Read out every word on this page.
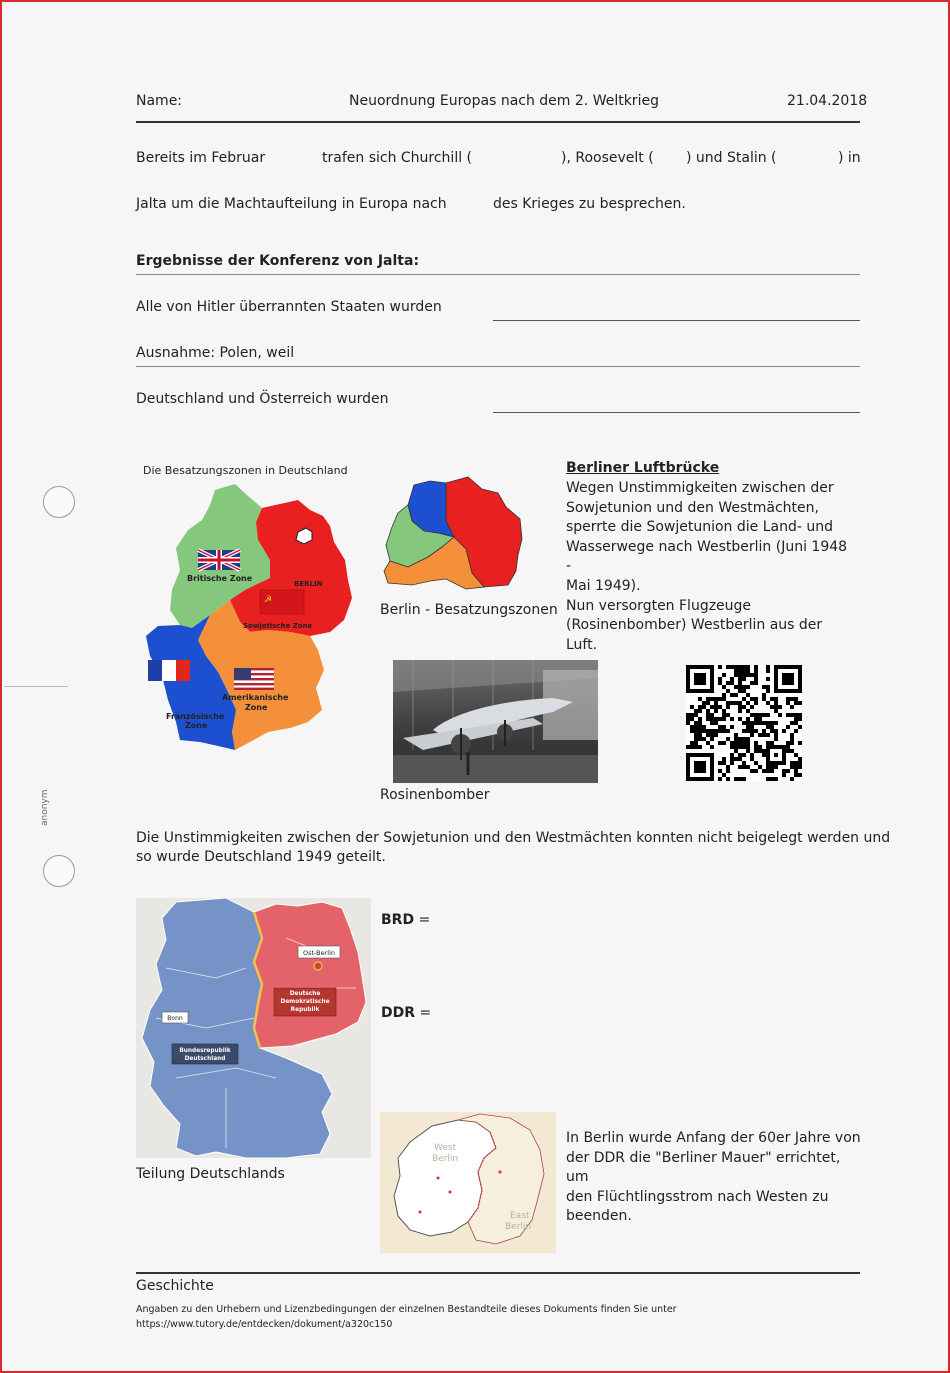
anonym
Name:	Neuordnung Europas nach dem 2. Weltkrieg	21.04.2018
Bereits im Februar	trafen sich Churchill (	), Roosevelt ( ) und Stalin (	) in
Jalta um die Machtaufteilung in Europa nach	des Krieges zu besprechen.
Ergebnisse der Konferenz von Jalta:
Alle von Hitler überrannten Staaten wurden
Ausnahme: Polen, weil
Deutschland und Österreich wurden
Die Besatzungszonen in Deutschland
☭
Britische Zone
BERLIN
Sowjetische Zone
Amerikanische
Zone
Französische
Zone
Berlin - Besatzungszonen
Berliner Luftbrücke
Wegen Unstimmigkeiten zwischen der
Sowjetunion und den Westmächten,
sperrte die Sowjetunion die Land- und
Wasserwege nach Westberlin (Juni 1948 -
Mai 1949).
Nun versorgten Flugzeuge
(Rosinenbomber) Westberlin aus der Luft.
Rosinenbomber
Die Unstimmigkeiten zwischen der Sowjetunion und den Westmächten konnten nicht beigelegt werden und
so wurde Deutschland 1949 geteilt.
Ost-Berlin
Deutsche
Demokratische
Republik
Bonn
Bundesrepublik
Deutschland
Teilung Deutschlands
BRD =
DDR =
West
Berlin
East
Berlin
In Berlin wurde Anfang der 60er Jahre von
der DDR die "Berliner Mauer" errichtet, um
den Flüchtlingsstrom nach Westen zu
beenden.
Geschichte
Angaben zu den Urhebern und Lizenzbedingungen der einzelnen Bestandteile dieses Dokuments finden Sie unter
https://www.tutory.de/entdecken/dokument/a320c150
